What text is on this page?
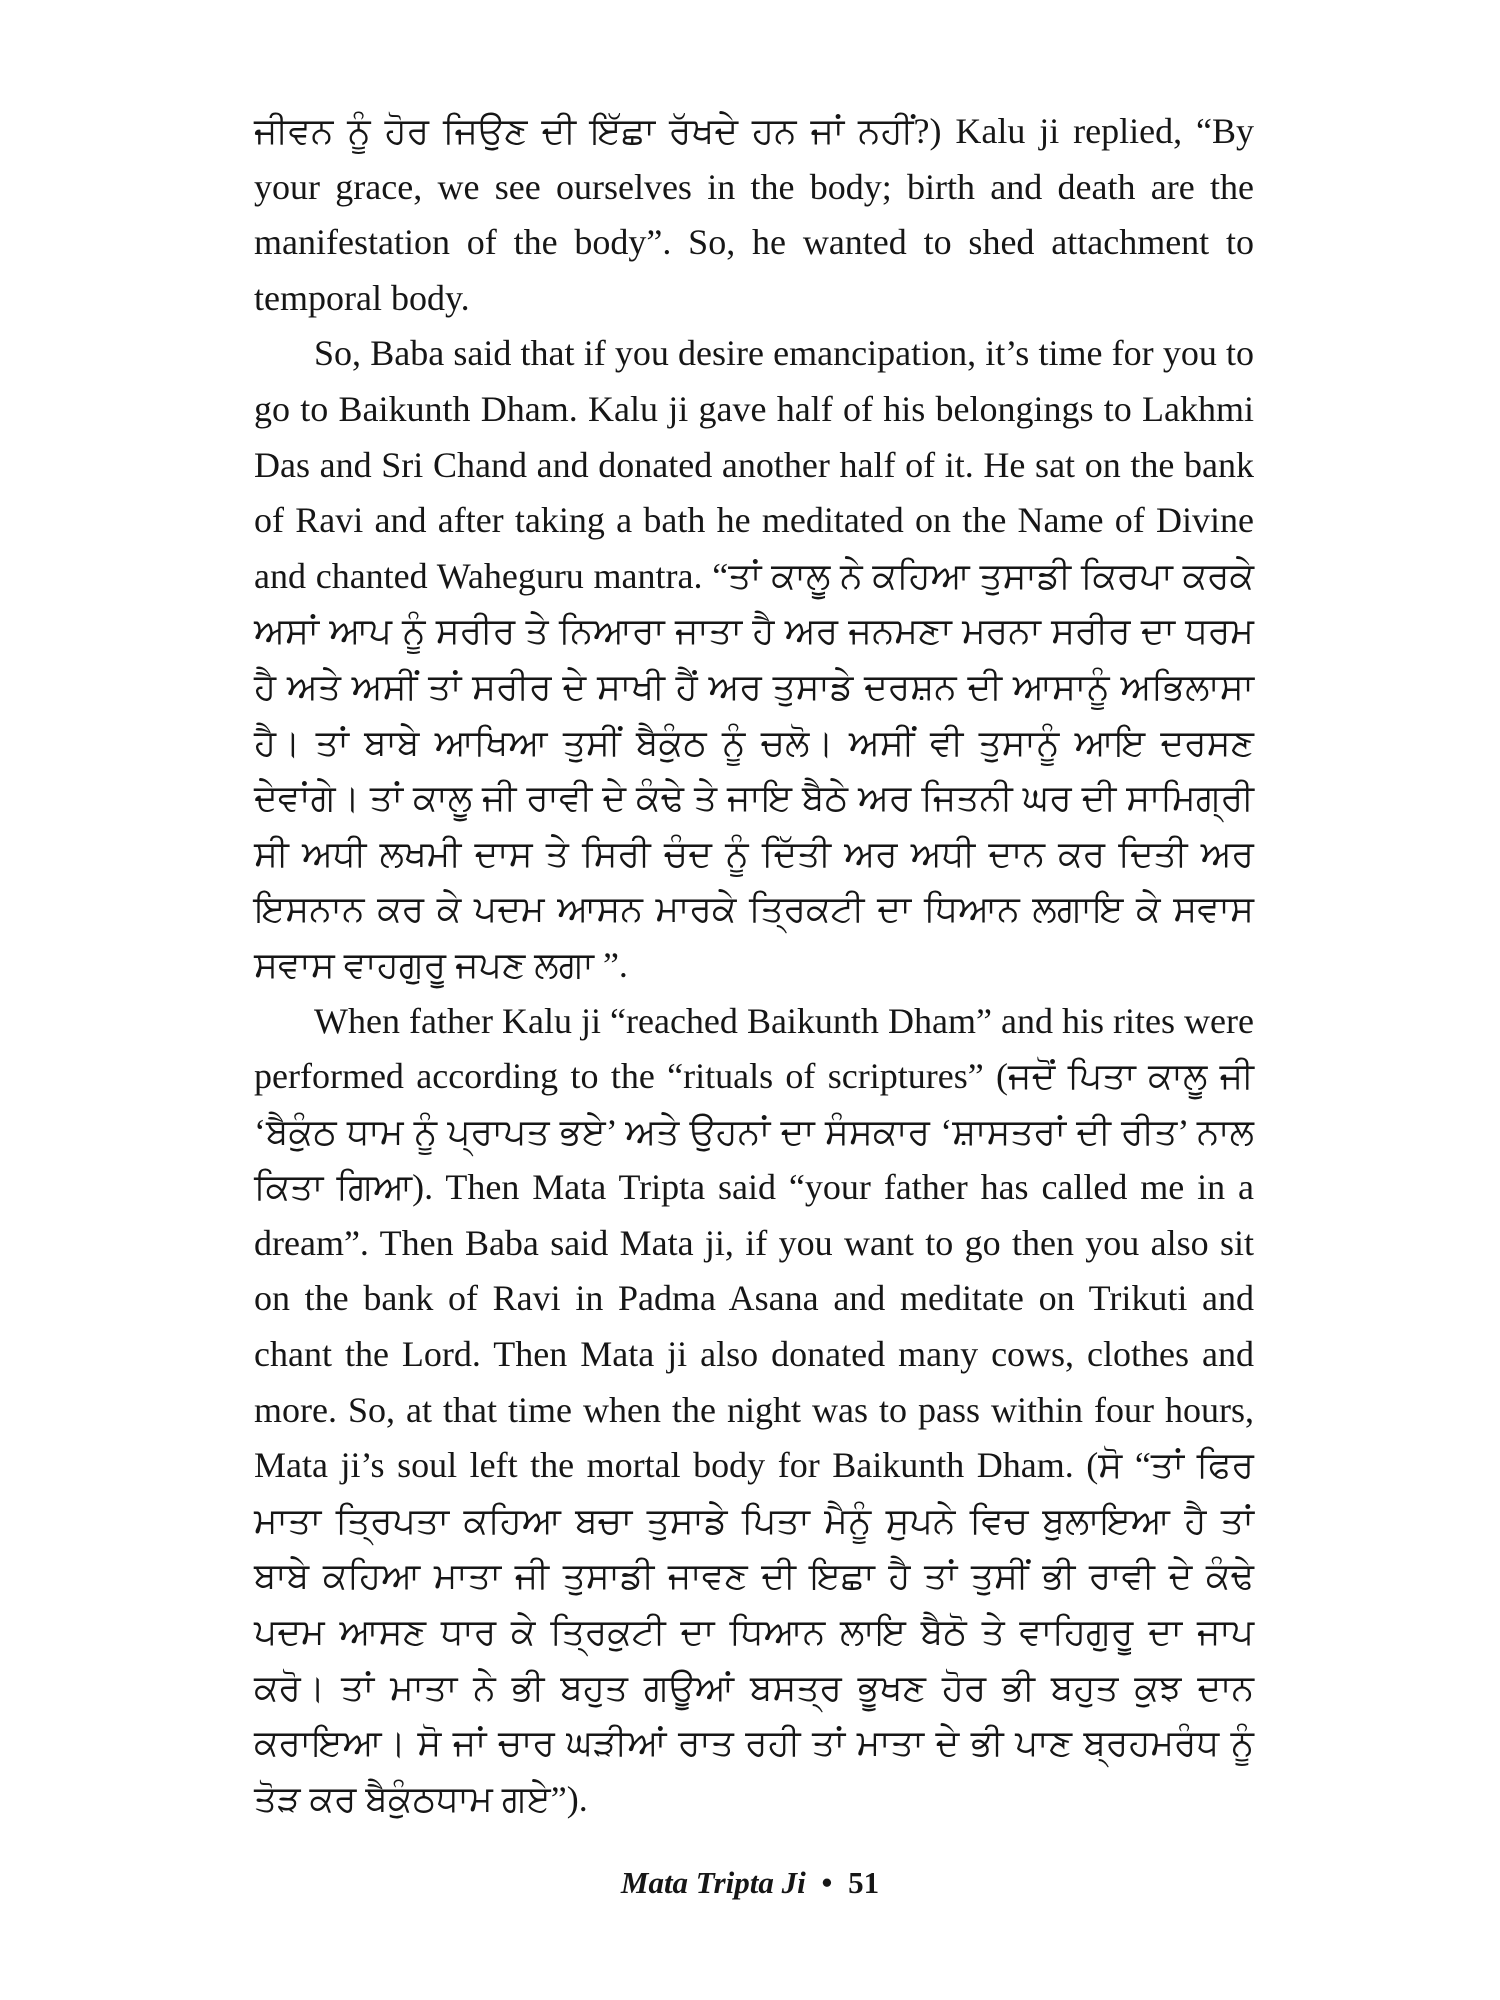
ਜੀਵਨ ਨੂੰ ਹੋਰ ਜਿਉਣ ਦੀ ਇੱਛਾ ਰੱਖਦੇ ਹਨ ਜਾਂ ਨਹੀਂ?) Kalu ji replied, “By your grace, we see ourselves in the body; birth and death are the manifestation of the body”. So, he wanted to shed attachment to temporal body.

So, Baba said that if you desire emancipation, it’s time for you to go to Baikunth Dham. Kalu ji gave half of his belongings to Lakhmi Das and Sri Chand and donated another half of it. He sat on the bank of Ravi and after taking a bath he meditated on the Name of Divine and chanted Waheguru mantra. “ਤਾਂ ਕਾਲੂ ਨੇ ਕਹਿਆ ਤੁਸਾਡੀ ਕਿਰਪਾ ਕਰਕੇ ਅਸਾਂ ਆਪ ਨੂੰ ਸਰੀਰ ਤੇ ਨਿਆਰਾ ਜਾਤਾ ਹੈ ਅਰ ਜਨਮਣਾ ਮਰਨਾ ਸਰੀਰ ਦਾ ਧਰਮ ਹੈ ਅਤੇ ਅਸੀਂ ਤਾਂ ਸਰੀਰ ਦੇ ਸਾਖੀ ਹੈਂ ਅਰ ਤੁਸਾਡੇ ਦਰਸ਼ਨ ਦੀ ਆਸਾਨੂੰ ਅਭਿਲਾਸਾ ਹੈ। ਤਾਂ ਬਾਬੇ ਆਖਿਆ ਤੁਸੀਂ ਬੈਕੁੰਠ ਨੂੰ ਚਲੋ। ਅਸੀਂ ਵੀ ਤੁਸਾਨੂੰ ਆਇ ਦਰਸਣ ਦੇਵਾਂਗੇ। ਤਾਂ ਕਾਲੂ ਜੀ ਰਾਵੀ ਦੇ ਕੰਢੇ ਤੇ ਜਾਇ ਬੈਠੇ ਅਰ ਜਿਤਨੀ ਘਰ ਦੀ ਸਾਮਿਗ੍ਰੀ ਸੀ ਅਧੀ ਲਖਮੀ ਦਾਸ ਤੇ ਸਿਰੀ ਚੰਦ ਨੂੰ ਦਿੱਤੀ ਅਰ ਅਧੀ ਦਾਨ ਕਰ ਦਿਤੀ ਅਰ ਇਸਨਾਨ ਕਰ ਕੇ ਪਦਮ ਆਸਨ ਮਾਰਕੇ ਤ੍ਰਿਕਟੀ ਦਾ ਧਿਆਨ ਲਗਾਇ ਕੇ ਸਵਾਸ ਸਵਾਸ ਵਾਹਗੁਰੂ ਜਪਣ ਲਗਾ ”.

When father Kalu ji “reached Baikunth Dham” and his rites were performed according to the “rituals of scriptures” (ਜਦੋਂ ਪਿਤਾ ਕਾਲੂ ਜੀ ‘ਬੈਕੁੰਠ ਧਾਮ ਨੂੰ ਪ੍ਰਾਪਤ ਭਏ’ ਅਤੇ ਉਹਨਾਂ ਦਾ ਸੰਸਕਾਰ ‘ਸ਼ਾਸਤਰਾਂ ਦੀ ਰੀਤ’ ਨਾਲ ਕਿਤਾ ਗਿਆ). Then Mata Tripta said “your father has called me in a dream”. Then Baba said Mata ji, if you want to go then you also sit on the bank of Ravi in Padma Asana and meditate on Trikuti and chant the Lord. Then Mata ji also donated many cows, clothes and more. So, at that time when the night was to pass within four hours, Mata ji’s soul left the mortal body for Baikunth Dham. (ਸੋ “ਤਾਂ ਫਿਰ ਮਾਤਾ ਤ੍ਰਿਪਤਾ ਕਹਿਆ ਬਚਾ ਤੁਸਾਡੇ ਪਿਤਾ ਮੈਨੂੰ ਸੁਪਨੇ ਵਿਚ ਬੁਲਾਇਆ ਹੈ ਤਾਂ ਬਾਬੇ ਕਹਿਆ ਮਾਤਾ ਜੀ ਤੁਸਾਡੀ ਜਾਵਣ ਦੀ ਇਛਾ ਹੈ ਤਾਂ ਤੁਸੀਂ ਭੀ ਰਾਵੀ ਦੇ ਕੰਢੇ ਪਦਮ ਆਸਣ ਧਾਰ ਕੇ ਤ੍ਰਿਕੁਟੀ ਦਾ ਧਿਆਨ ਲਾਇ ਬੈਠੋ ਤੇ ਵਾਹਿਗੁਰੂ ਦਾ ਜਾਪ ਕਰੋ। ਤਾਂ ਮਾਤਾ ਨੇ ਭੀ ਬਹੁਤ ਗਊਆਂ ਬਸਤ੍ਰ ਭੂਖਣ ਹੋਰ ਭੀ ਬਹੁਤ ਕੁਝ ਦਾਨ ਕਰਾਇਆ। ਸੋ ਜਾਂ ਚਾਰ ਘੜੀਆਂ ਰਾਤ ਰਹੀ ਤਾਂ ਮਾਤਾ ਦੇ ਭੀ ਪਾਣ ਬ੍ਰਹਮਰੰਧ ਨੂੰ ਤੋੜ ਕਰ ਬੈਕੁੰਠਧਾਮ ਗਏ”).

Mata Tripta Ji • 51
